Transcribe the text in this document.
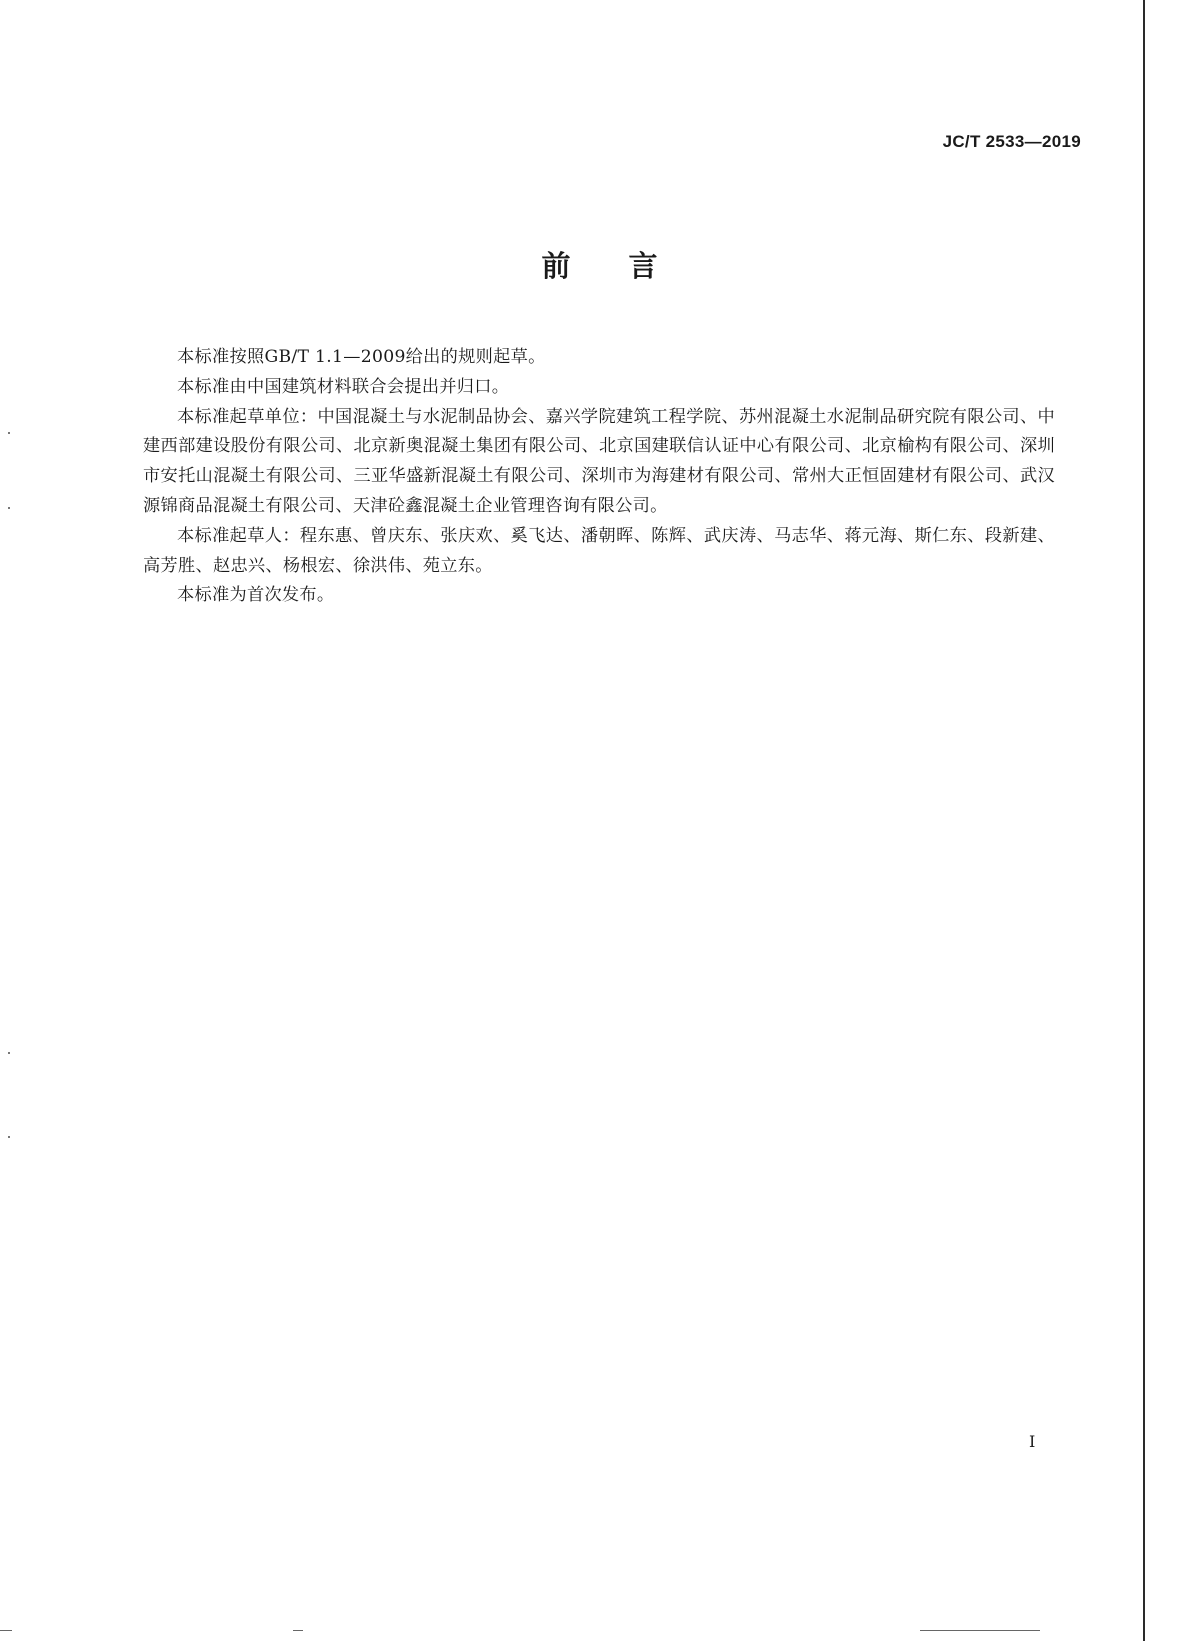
JC/T 2533—2019
前言

本标准按照GB/T 1.1—2009给出的规则起草。

本标准由中国建筑材料联合会提出并归口。

本标准起草单位：中国混凝土与水泥制品协会、嘉兴学院建筑工程学院、苏州混凝土水泥制品研究院有限公司、中建西部建设股份有限公司、北京新奥混凝土集团有限公司、北京国建联信认证中心有限公司、北京榆构有限公司、深圳市安托山混凝土有限公司、三亚华盛新混凝土有限公司、深圳市为海建材有限公司、常州大正恒固建材有限公司、武汉源锦商品混凝土有限公司、天津砼鑫混凝土企业管理咨询有限公司。

本标准起草人：程东惠、曾庆东、张庆欢、奚飞达、潘朝晖、陈辉、武庆涛、马志华、蒋元海、斯仁东、段新建、高芳胜、赵忠兴、杨根宏、徐洪伟、苑立东。

本标准为首次发布。

I
